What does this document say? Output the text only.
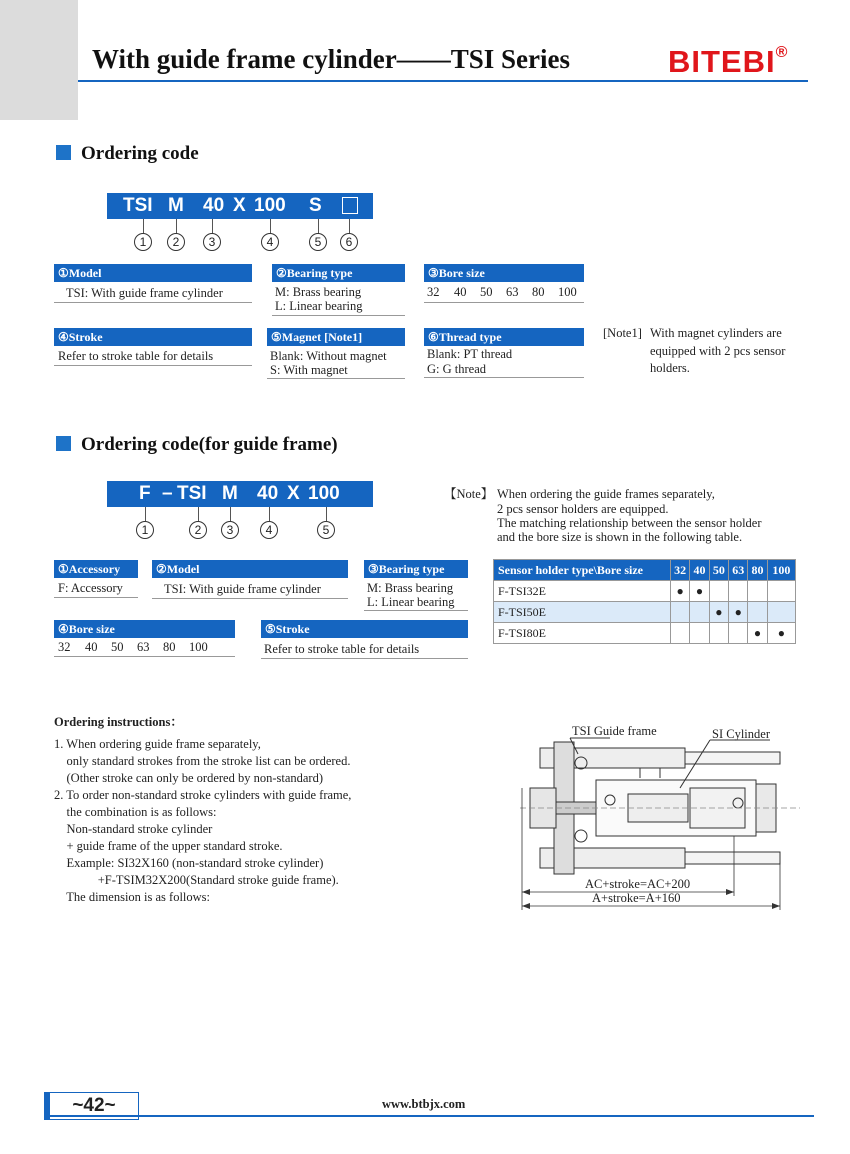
With guide frame cylinder——TSI Series	BITEBI®
Ordering code
TSI M 40 X 100 S
1	2	3	4	5	6
①Model
TSI: With guide frame cylinder
②Bearing type
M: Brass bearing
L: Linear bearing
③Bore size
32 40 50 63 80 100
④Stroke
Refer to stroke table for details
⑤Magnet [Note1]
Blank: Without magnet
S: With magnet
⑥Thread type
Blank: PT thread
G: G thread
[Note1] With magnet cylinders are
equipped with 2 pcs sensor
holders.
Ordering code(for guide frame)
F – TSI M 40 X 100
1	2	3	4	5
①Accessory
F: Accessory
②Model
TSI: With guide frame cylinder
③Bearing type
M: Brass bearing
L: Linear bearing
④Bore size
32 40 50 63 80 100
⑤Stroke
Refer to stroke table for details
【Note】 When ordering the guide frames separately,
2 pcs sensor holders are equipped.
The matching relationship between the sensor holder
and the bore size is shown in the following table.
Sensor holder type\Bore size	32	40	50	63	80	100
F-TSI32E	●	●				
F-TSI50E			●	●		
F-TSI80E					●	●
Ordering instructions：
1. When ordering guide frame separately,
only standard strokes from the stroke list can be ordered.
(Other stroke can only be ordered by non-standard)
2. To order non-standard stroke cylinders with guide frame,
the combination is as follows:
Non-standard stroke cylinder
+ guide frame of the upper standard stroke.
Example: SI32X160 (non-standard stroke cylinder)
+F-TSIM32X200(Standard stroke guide frame).
The dimension is as follows:
TSI Guide frame	SI Cylinder
AC+stroke=AC+200
A+stroke=A+160
~42~	www.btbjx.com
